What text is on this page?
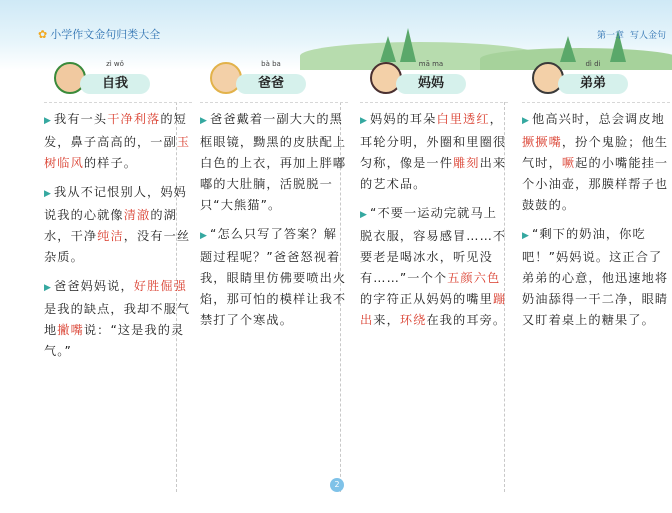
✿ 小学作文金句归类大全	第一章 写人金句
zì wǒ
自我
▶ 我有一头干净利落的短发，鼻子高高的，一副玉树临风的样子。
▶ 我从不记恨别人，妈妈说我的心就像清澈的湖水，干净纯洁，没有一丝杂质。
▶ 爸爸妈妈说，好胜倔强是我的缺点，我却不服气地撇嘴说：“这是我的灵气。”
bà ba
爸爸
▶ 爸爸戴着一副大大的黑框眼镜，黝黑的皮肤配上白色的上衣，再加上胖嘟嘟的大肚腩，活脱脱一只“大熊猫”。
▶ “怎么只写了答案？解题过程呢？”爸爸怒视着我，眼睛里仿佛要喷出火焰，那可怕的模样让我不禁打了个寒战。
mā ma
妈妈
▶ 妈妈的耳朵白里透红，耳轮分明，外圈和里圈很匀称，像是一件雕刻出来的艺术品。
▶ “不要一运动完就马上脱衣服，容易感冒……不要老是喝冰水，听见没有……”一个个五颜六色的字符正从妈妈的嘴里蹦出来，环绕在我的耳旁。
dì di
弟弟
▶ 他高兴时，总会调皮地撅撅嘴，扮个鬼脸；他生气时，噘起的小嘴能挂一个小油壶，那膜样帮子也鼓鼓的。
▶ “剩下的奶油，你吃吧！”妈妈说。这正合了弟弟的心意，他迅速地将奶油舔得一干二净，眼睛又盯着桌上的糖果了。
2
